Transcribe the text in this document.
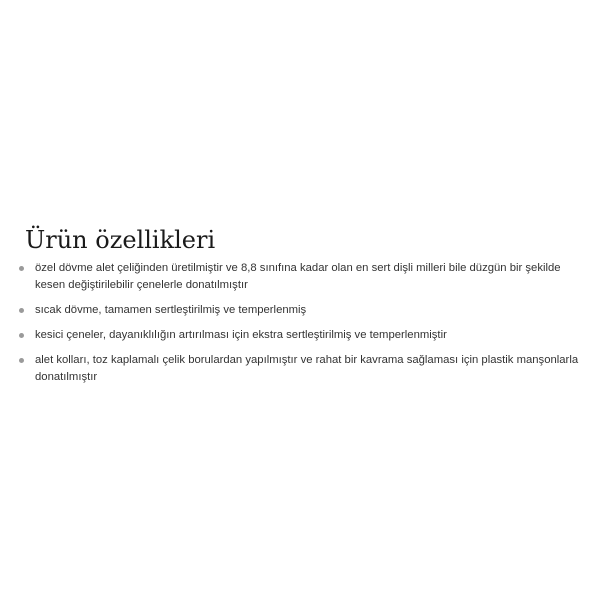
Ürün özellikleri
özel dövme alet çeliğinden üretilmiştir ve 8,8 sınıfına kadar olan en sert dişli milleri bile düzgün bir şekilde kesen değiştirilebilir çenelerle donatılmıştır
sıcak dövme, tamamen sertleştirilmiş ve temperlenmiş
kesici çeneler, dayanıklılığın artırılması için ekstra sertleştirilmiş ve temperlenmiştir
alet kolları, toz kaplamalı çelik borulardan yapılmıştır ve rahat bir kavrama sağlaması için plastik manşonlarla donatılmıştır
